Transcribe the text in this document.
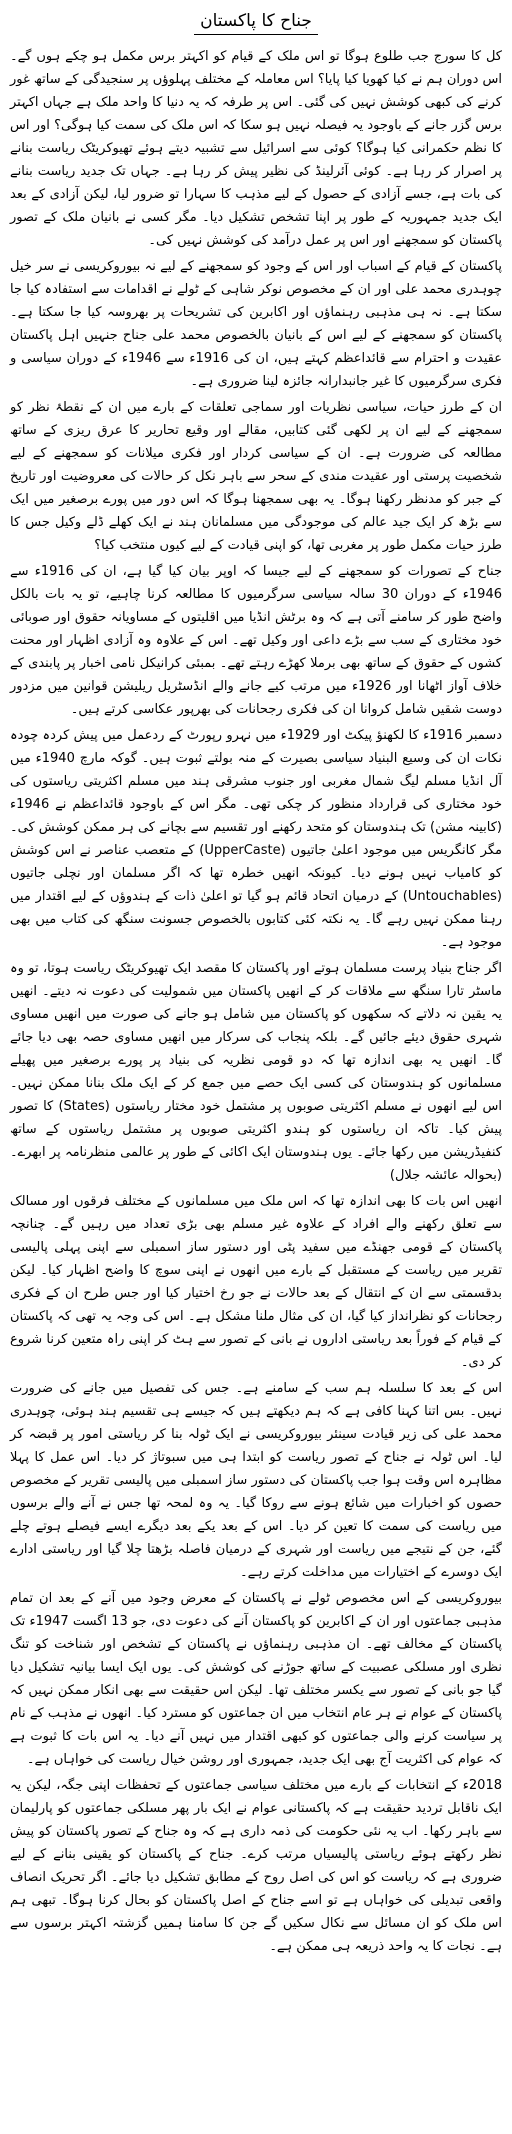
جناح کا پاکستان

کل کا سورج جب طلوع ہوگا تو اس ملک کے قیام کو اکہتر برس مکمل ہو چکے ہوں گے۔ اس دوران ہم نے کیا کھویا کیا پایا؟ اس معاملہ کے مختلف پہلوؤں پر سنجیدگی کے ساتھ غور کرنے کی کبھی کوشش نہیں کی گئی۔ اس پر طرفہ کہ یہ دنیا کا واحد ملک ہے جہاں اکہتر برس گزر جانے کے باوجود یہ فیصلہ نہیں ہو سکا کہ اس ملک کی سمت کیا ہوگی؟ اور اس کا نظم حکمرانی کیا ہوگا؟ کوئی سے اسرائیل سے تشبیہ دیتے ہوئے تھیوکریٹک ریاست بنانے پر اصرار کر رہا ہے۔ کوئی آئرلینڈ کی نظیر پیش کر رہا ہے۔ جہاں تک جدید ریاست بنانے کی بات ہے، جسے آزادی کے حصول کے لیے مذہب کا سہارا تو ضرور لیا، لیکن آزادی کے بعد ایک جدید جمہوریہ کے طور پر اپنا تشخص تشکیل دیا۔ مگر کسی نے بانیان ملک کے تصور پاکستان کو سمجھنے اور اس پر عمل درآمد کی کوشش نہیں کی۔

پاکستان کے قیام کے اسباب اور اس کے وجود کو سمجھنے کے لیے نہ بیوروکریسی نے سر خیل چوہدری محمد علی اور ان کے مخصوص نوکر شاہی کے ٹولے نے اقدامات سے استفادہ کیا جا سکتا ہے۔ نہ ہی مذہبی رہنماؤں اور اکابرین کی تشریحات پر بھروسہ کیا جا سکتا ہے۔ پاکستان کو سمجھنے کے لیے اس کے بانیان بالخصوص محمد علی جناح جنہیں اہل پاکستان عقیدت و احترام سے قائداعظم کہتے ہیں، ان کی 1916ء سے 1946ء کے دوران سیاسی و فکری سرگرمیوں کا غیر جانبدارانہ جائزہ لینا ضروری ہے۔

ان کے طرز حیات، سیاسی نظریات اور سماجی تعلقات کے بارے میں ان کے نقطۂ نظر کو سمجھنے کے لیے ان پر لکھی گئی کتابیں، مقالے اور وقیع تحاریر کا عرق ریزی کے ساتھ مطالعہ کی ضرورت ہے۔ ان کے سیاسی کردار اور فکری میلانات کو سمجھنے کے لیے شخصیت پرستی اور عقیدت مندی کے سحر سے باہر نکل کر حالات کی معروضیت اور تاریخ کے جبر کو مدنظر رکھنا ہوگا۔ یہ بھی سمجھنا ہوگا کہ اس دور میں پورے برصغیر میں ایک سے بڑھ کر ایک جید عالم کی موجودگی میں مسلمانان ہند نے ایک کھلے ڈلے وکیل جس کا طرز حیات مکمل طور پر مغربی تھا، کو اپنی قیادت کے لیے کیوں منتخب کیا؟

جناح کے تصورات کو سمجھنے کے لیے جیسا کہ اوپر بیان کیا گیا ہے، ان کی 1916ء سے 1946ء کے دوران 30 سالہ سیاسی سرگرمیوں کا مطالعہ کرنا چاہیے، تو یہ بات بالکل واضح طور کر سامنے آتی ہے کہ وہ برٹش انڈیا میں اقلیتوں کے مساویانہ حقوق اور صوبائی خود مختاری کے سب سے بڑے داعی اور وکیل تھے۔ اس کے علاوہ وہ آزادی اظہار اور محنت کشوں کے حقوق کے ساتھ بھی برملا کھڑے رہتے تھے۔ بمبئی کرانیکل نامی اخبار پر پابندی کے خلاف آواز اٹھانا اور 1926ء میں مرتب کیے جانے والے انڈسٹریل ریلیشن قوانین میں مزدور دوست شقیں شامل کروانا ان کی فکری رجحانات کی بھرپور عکاسی کرتے ہیں۔

دسمبر 1916ء کا لکھنؤ پیکٹ اور 1929ء میں نہرو رپورٹ کے ردعمل میں پیش کردہ چودہ نکات ان کی وسیع البنیاد سیاسی بصیرت کے منہ بولتے ثبوت ہیں۔ گوکہ مارچ 1940ء میں آل انڈیا مسلم لیگ شمال مغربی اور جنوب مشرقی ہند میں مسلم اکثریتی ریاستوں کی خود مختاری کی قرارداد منظور کر چکی تھی۔ مگر اس کے باوجود قائداعظم نے 1946ء (کابینہ مشن) تک ہندوستان کو متحد رکھنے اور تقسیم سے بچانے کی ہر ممکن کوشش کی۔ مگر کانگریس میں موجود اعلیٰ جاتیوں (UpperCaste) کے متعصب عناصر نے اس کوشش کو کامیاب نہیں ہونے دیا۔ کیونکہ انھیں خطرہ تھا کہ اگر مسلمان اور نچلی جاتیوں (Untouchables) کے درمیان اتحاد قائم ہو گیا تو اعلیٰ ذات کے ہندوؤں کے لیے اقتدار میں رہنا ممکن نہیں رہے گا۔ یہ نکتہ کئی کتابوں بالخصوص جسونت سنگھ کی کتاب میں بھی موجود ہے۔

اگر جناح بنیاد پرست مسلمان ہوتے اور پاکستان کا مقصد ایک تھیوکریٹک ریاست ہوتا، تو وہ ماسٹر تارا سنگھ سے ملاقات کر کے انھیں پاکستان میں شمولیت کی دعوت نہ دیتے۔ انھیں یہ یقین نہ دلاتے کہ سکھوں کو پاکستان میں شامل ہو جانے کی صورت میں انھیں مساوی شہری حقوق دیئے جائیں گے۔ بلکہ پنجاب کی سرکار میں انھیں مساوی حصہ بھی دیا جائے گا۔ انھیں یہ بھی اندازہ تھا کہ دو قومی نظریہ کی بنیاد پر پورے برصغیر میں پھیلے مسلمانوں کو ہندوستان کی کسی ایک حصے میں جمع کر کے ایک ملک بنانا ممکن نہیں۔ اس لیے انھوں نے مسلم اکثریتی صوبوں پر مشتمل خود مختار ریاستوں (States) کا تصور پیش کیا۔ تاکہ ان ریاستوں کو ہندو اکثریتی صوبوں پر مشتمل ریاستوں کے ساتھ کنفیڈریشن میں رکھا جائے۔ یوں ہندوستان ایک اکائی کے طور پر عالمی منظرنامہ پر ابھرے۔ (بحوالہ عائشہ جلال)

انھیں اس بات کا بھی اندازہ تھا کہ اس ملک میں مسلمانوں کے مختلف فرقوں اور مسالک سے تعلق رکھنے والے افراد کے علاوہ غیر مسلم بھی بڑی تعداد میں رہیں گے۔ چنانچہ پاکستان کے قومی جھنڈے میں سفید پٹی اور دستور ساز اسمبلی سے اپنی پہلی پالیسی تقریر میں ریاست کے مستقبل کے بارے میں انھوں نے اپنی سوچ کا واضح اظہار کیا۔ لیکن بدقسمتی سے ان کے انتقال کے بعد حالات نے جو رخ اختیار کیا اور جس طرح ان کے فکری رجحانات کو نظرانداز کیا گیا، ان کی مثال ملنا مشکل ہے۔ اس کی وجہ یہ تھی کہ پاکستان کے قیام کے فوراً بعد ریاستی اداروں نے بانی کے تصور سے ہٹ کر اپنی راہ متعین کرنا شروع کر دی۔

اس کے بعد کا سلسلہ ہم سب کے سامنے ہے۔ جس کی تفصیل میں جانے کی ضرورت نہیں۔ بس اتنا کہنا کافی ہے کہ ہم دیکھتے ہیں کہ جیسے ہی تقسیم ہند ہوئی، چوہدری محمد علی کی زیر قیادت سینئر بیوروکریسی نے ایک ٹولہ بنا کر ریاستی امور پر قبضہ کر لیا۔ اس ٹولہ نے جناح کے تصور ریاست کو ابتدا ہی میں سبوتاژ کر دیا۔ اس عمل کا پہلا مظاہرہ اس وقت ہوا جب پاکستان کی دستور ساز اسمبلی میں پالیسی تقریر کے مخصوص حصوں کو اخبارات میں شائع ہونے سے روکا گیا۔ یہ وہ لمحہ تھا جس نے آنے والے برسوں میں ریاست کی سمت کا تعین کر دیا۔ اس کے بعد یکے بعد دیگرے ایسے فیصلے ہوتے چلے گئے، جن کے نتیجے میں ریاست اور شہری کے درمیان فاصلہ بڑھتا چلا گیا اور ریاستی ادارے ایک دوسرے کے اختیارات میں مداخلت کرتے رہے۔

بیوروکریسی کے اس مخصوص ٹولے نے پاکستان کے معرض وجود میں آنے کے بعد ان تمام مذہبی جماعتوں اور ان کے اکابرین کو پاکستان آنے کی دعوت دی، جو 13 اگست 1947ء تک پاکستان کے مخالف تھے۔ ان مذہبی رہنماؤں نے پاکستان کے تشخص اور شناخت کو تنگ نظری اور مسلکی عصبیت کے ساتھ جوڑنے کی کوشش کی۔ یوں ایک ایسا بیانیہ تشکیل دیا گیا جو بانی کے تصور سے یکسر مختلف تھا۔ لیکن اس حقیقت سے بھی انکار ممکن نہیں کہ پاکستان کے عوام نے ہر عام انتخاب میں ان جماعتوں کو مسترد کیا۔ انھوں نے مذہب کے نام پر سیاست کرنے والی جماعتوں کو کبھی اقتدار میں نہیں آنے دیا۔ یہ اس بات کا ثبوت ہے کہ عوام کی اکثریت آج بھی ایک جدید، جمہوری اور روشن خیال ریاست کی خواہاں ہے۔

2018ء کے انتخابات کے بارے میں مختلف سیاسی جماعتوں کے تحفظات اپنی جگہ، لیکن یہ ایک ناقابل تردید حقیقت ہے کہ پاکستانی عوام نے ایک بار پھر مسلکی جماعتوں کو پارلیمان سے باہر رکھا۔ اب یہ نئی حکومت کی ذمہ داری ہے کہ وہ جناح کے تصور پاکستان کو پیش نظر رکھتے ہوئے ریاستی پالیسیاں مرتب کرے۔ جناح کے پاکستان کو یقینی بنانے کے لیے ضروری ہے کہ ریاست کو اس کی اصل روح کے مطابق تشکیل دیا جائے۔ اگر تحریک انصاف واقعی تبدیلی کی خواہاں ہے تو اسے جناح کے اصل پاکستان کو بحال کرنا ہوگا۔ تبھی ہم اس ملک کو ان مسائل سے نکال سکیں گے جن کا سامنا ہمیں گزشتہ اکہتر برسوں سے ہے۔ نجات کا یہ واحد ذریعہ ہی ممکن ہے۔
